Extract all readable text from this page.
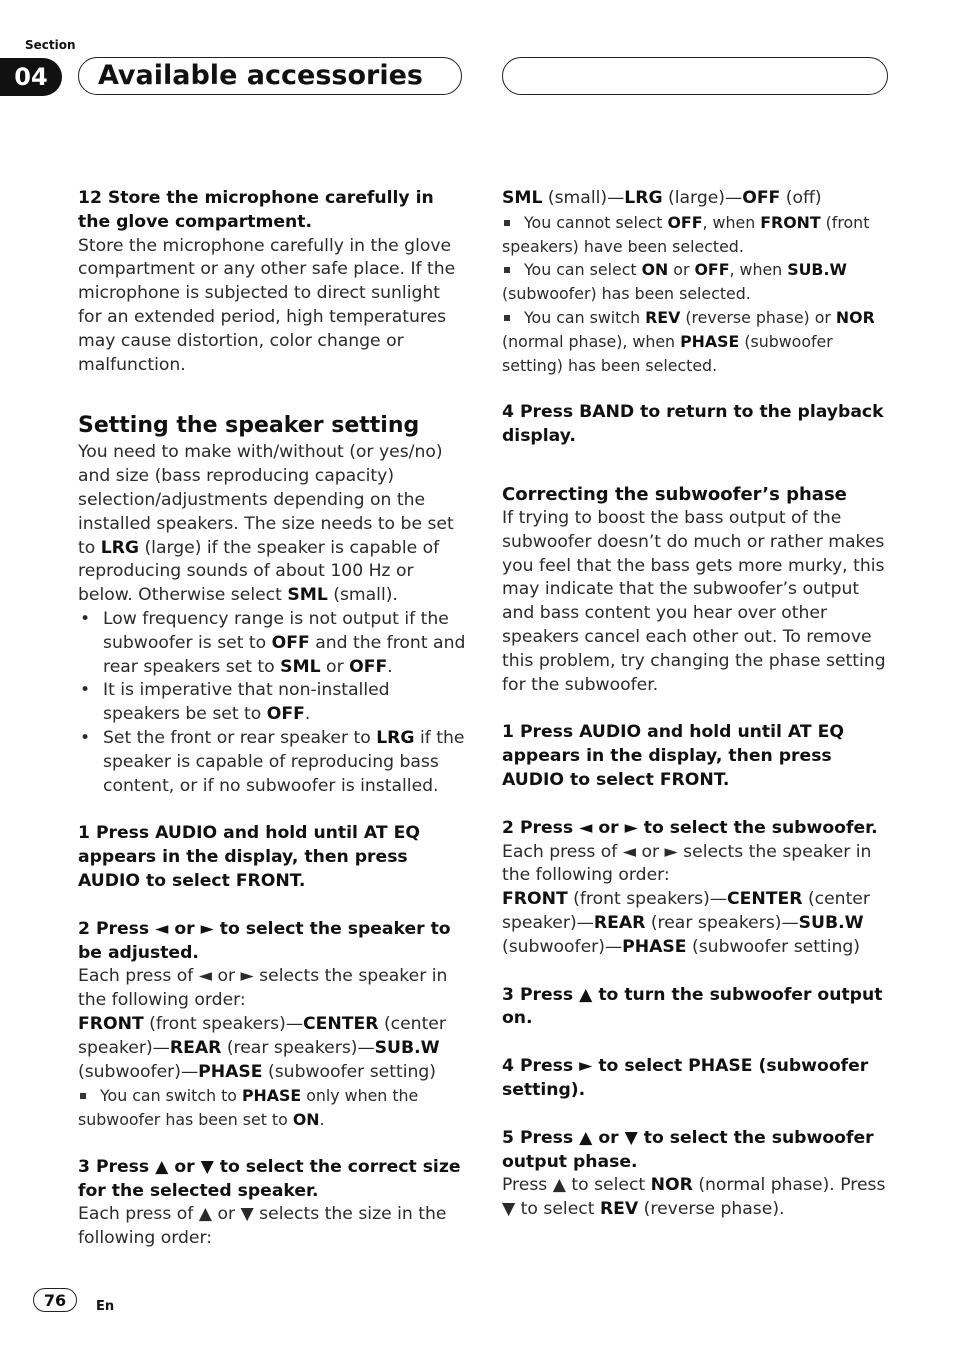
Section
04	Available accessories

12 Store the microphone carefully in the glove compartment.

Store the microphone carefully in the glove compartment or any other safe place. If the microphone is subjected to direct sunlight for an extended period, high temperatures may cause distortion, color change or malfunction.

Setting the speaker setting

You need to make with/without (or yes/no) and size (bass reproducing capacity) selection/adjustments depending on the installed speakers. The size needs to be set to LRG (large) if the speaker is capable of reproducing sounds of about 100 Hz or below. Otherwise select SML (small).

• Low frequency range is not output if the subwoofer is set to OFF and the front and rear speakers set to SML or OFF.

• It is imperative that non-installed speakers be set to OFF.

• Set the front or rear speaker to LRG if the speaker is capable of reproducing bass content, or if no subwoofer is installed.

1 Press AUDIO and hold until AT EQ appears in the display, then press AUDIO to select FRONT.

2 Press ◄ or ► to select the speaker to be adjusted.

Each press of ◄ or ► selects the speaker in the following order:

FRONT (front speakers)—CENTER (center speaker)—REAR (rear speakers)—SUB.W (subwoofer)—PHASE (subwoofer setting)

You can switch to PHASE only when the subwoofer has been set to ON.

3 Press ▲ or ▼ to select the correct size for the selected speaker.

Each press of ▲ or ▼ selects the size in the following order:

SML (small)—LRG (large)—OFF (off)

You cannot select OFF, when FRONT (front speakers) have been selected.

You can select ON or OFF, when SUB.W (subwoofer) has been selected.

You can switch REV (reverse phase) or NOR (normal phase), when PHASE (subwoofer setting) has been selected.

4 Press BAND to return to the playback display.

Correcting the subwoofer’s phase

If trying to boost the bass output of the subwoofer doesn’t do much or rather makes you feel that the bass gets more murky, this may indicate that the subwoofer’s output and bass content you hear over other speakers cancel each other out. To remove this problem, try changing the phase setting for the subwoofer.

1 Press AUDIO and hold until AT EQ appears in the display, then press AUDIO to select FRONT.

2 Press ◄ or ► to select the subwoofer.

Each press of ◄ or ► selects the speaker in the following order:

FRONT (front speakers)—CENTER (center speaker)—REAR (rear speakers)—SUB.W (subwoofer)—PHASE (subwoofer setting)

3 Press ▲ to turn the subwoofer output on.

4 Press ► to select PHASE (subwoofer setting).

5 Press ▲ or ▼ to select the subwoofer output phase.

Press ▲ to select NOR (normal phase). Press ▼ to select REV (reverse phase).

76	En
